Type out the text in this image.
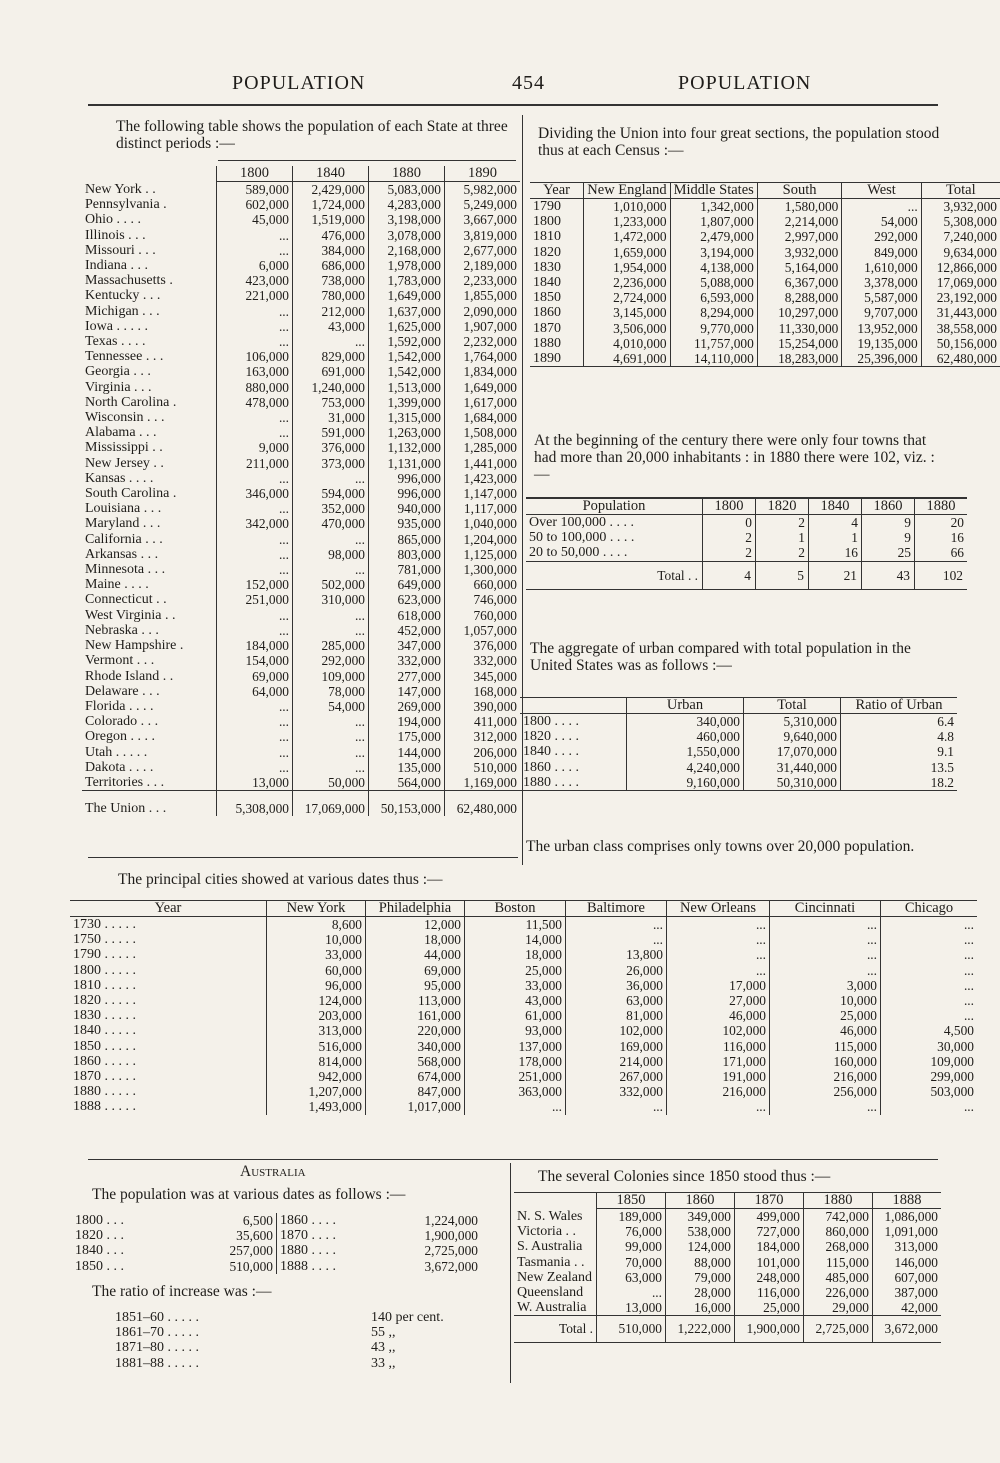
POPULATION	454	POPULATION
The following table shows the population of each State at three distinct periods :—
	1800	1840	1880	1890
New York . .	589,000	2,429,000	5,083,000	5,982,000
Pennsylvania .	602,000	1,724,000	4,283,000	5,249,000
Ohio . . . .	45,000	1,519,000	3,198,000	3,667,000
Illinois . . .	...	476,000	3,078,000	3,819,000
Missouri . . .	...	384,000	2,168,000	2,677,000
Indiana . . .	6,000	686,000	1,978,000	2,189,000
Massachusetts .	423,000	738,000	1,783,000	2,233,000
Kentucky . . .	221,000	780,000	1,649,000	1,855,000
Michigan . . .	...	212,000	1,637,000	2,090,000
Iowa . . . . .	...	43,000	1,625,000	1,907,000
Texas . . . .	...	...	1,592,000	2,232,000
Tennessee . . .	106,000	829,000	1,542,000	1,764,000
Georgia . . .	163,000	691,000	1,542,000	1,834,000
Virginia . . .	880,000	1,240,000	1,513,000	1,649,000
North Carolina .	478,000	753,000	1,399,000	1,617,000
Wisconsin . . .	...	31,000	1,315,000	1,684,000
Alabama . . .	...	591,000	1,263,000	1,508,000
Mississippi . .	9,000	376,000	1,132,000	1,285,000
New Jersey . .	211,000	373,000	1,131,000	1,441,000
Kansas . . . .	...	...	996,000	1,423,000
South Carolina .	346,000	594,000	996,000	1,147,000
Louisiana . . .	...	352,000	940,000	1,117,000
Maryland . . .	342,000	470,000	935,000	1,040,000
California . . .	...	...	865,000	1,204,000
Arkansas . . .	...	98,000	803,000	1,125,000
Minnesota . . .	...	...	781,000	1,300,000
Maine . . . .	152,000	502,000	649,000	660,000
Connecticut . .	251,000	310,000	623,000	746,000
West Virginia . .	...	...	618,000	760,000
Nebraska . . .	...	...	452,000	1,057,000
New Hampshire .	184,000	285,000	347,000	376,000
Vermont . . .	154,000	292,000	332,000	332,000
Rhode Island . .	69,000	109,000	277,000	345,000
Delaware . . .	64,000	78,000	147,000	168,000
Florida . . . .	...	54,000	269,000	390,000
Colorado . . .	...	...	194,000	411,000
Oregon . . . .	...	...	175,000	312,000
Utah . . . . .	...	...	144,000	206,000
Dakota . . . .	...	...	135,000	510,000
Territories . . .	13,000	50,000	564,000	1,169,000
The Union . . .	5,308,000	17,069,000	50,153,000	62,480,000
Dividing the Union into four great sections, the population stood thus at each Census :—
Year	New England	Middle States	South	West	Total
1790	1,010,000	1,342,000	1,580,000	...	3,932,000
1800	1,233,000	1,807,000	2,214,000	54,000	5,308,000
1810	1,472,000	2,479,000	2,997,000	292,000	7,240,000
1820	1,659,000	3,194,000	3,932,000	849,000	9,634,000
1830	1,954,000	4,138,000	5,164,000	1,610,000	12,866,000
1840	2,236,000	5,088,000	6,367,000	3,378,000	17,069,000
1850	2,724,000	6,593,000	8,288,000	5,587,000	23,192,000
1860	3,145,000	8,294,000	10,297,000	9,707,000	31,443,000
1870	3,506,000	9,770,000	11,330,000	13,952,000	38,558,000
1880	4,010,000	11,757,000	15,254,000	19,135,000	50,156,000
1890	4,691,000	14,110,000	18,283,000	25,396,000	62,480,000
At the beginning of the century there were only four towns that had more than 20,000 inhabitants : in 1880 there were 102, viz. :—
Population	1800	1820	1840	1860	1880
Over 100,000 . . . .	0	2	4	9	20
50 to 100,000 . . . .	2	1	1	9	16
20 to 50,000 . . . .	2	2	16	25	66
Total . .	4	5	21	43	102
The aggregate of urban compared with total population in the United States was as follows :—
	Urban	Total	Ratio of Urban
1800 . . . .	340,000	5,310,000	6.4
1820 . . . .	460,000	9,640,000	4.8
1840 . . . .	1,550,000	17,070,000	9.1
1860 . . . .	4,240,000	31,440,000	13.5
1880 . . . .	9,160,000	50,310,000	18.2
The urban class comprises only towns over 20,000 population.
The principal cities showed at various dates thus :—
Year	New York	Philadelphia	Boston	Baltimore	New Orleans	Cincinnati	Chicago
1730 . . . . .	8,600	12,000	11,500	...	...	...	...
1750 . . . . .	10,000	18,000	14,000	...	...	...	...
1790 . . . . .	33,000	44,000	18,000	13,800	...	...	...
1800 . . . . .	60,000	69,000	25,000	26,000	...	...	...
1810 . . . . .	96,000	95,000	33,000	36,000	17,000	3,000	...
1820 . . . . .	124,000	113,000	43,000	63,000	27,000	10,000	...
1830 . . . . .	203,000	161,000	61,000	81,000	46,000	25,000	...
1840 . . . . .	313,000	220,000	93,000	102,000	102,000	46,000	4,500
1850 . . . . .	516,000	340,000	137,000	169,000	116,000	115,000	30,000
1860 . . . . .	814,000	568,000	178,000	214,000	171,000	160,000	109,000
1870 . . . . .	942,000	674,000	251,000	267,000	191,000	216,000	299,000
1880 . . . . .	1,207,000	847,000	363,000	332,000	216,000	256,000	503,000
1888 . . . . .	1,493,000	1,017,000	...	...	...	...	...
Australia
The population was at various dates as follows :—
1800 . . .	6,500	1860 . . . .	1,224,000
1820 . . .	35,600	1870 . . . .	1,900,000
1840 . . .	257,000	1880 . . . .	2,725,000
1850 . . .	510,000	1888 . . . .	3,672,000
The ratio of increase was :—
1851–60 . . . . .	140 per cent.
1861–70 . . . . .	55 ,,
1871–80 . . . . .	43 ,,
1881–88 . . . . .	33 ,,
The several Colonies since 1850 stood thus :—
	1850	1860	1870	1880	1888
N. S. Wales	189,000	349,000	499,000	742,000	1,086,000
Victoria . .	76,000	538,000	727,000	860,000	1,091,000
S. Australia	99,000	124,000	184,000	268,000	313,000
Tasmania . .	70,000	88,000	101,000	115,000	146,000
New Zealand	63,000	79,000	248,000	485,000	607,000
Queensland	...	28,000	116,000	226,000	387,000
W. Australia	13,000	16,000	25,000	29,000	42,000
Total .	510,000	1,222,000	1,900,000	2,725,000	3,672,000
